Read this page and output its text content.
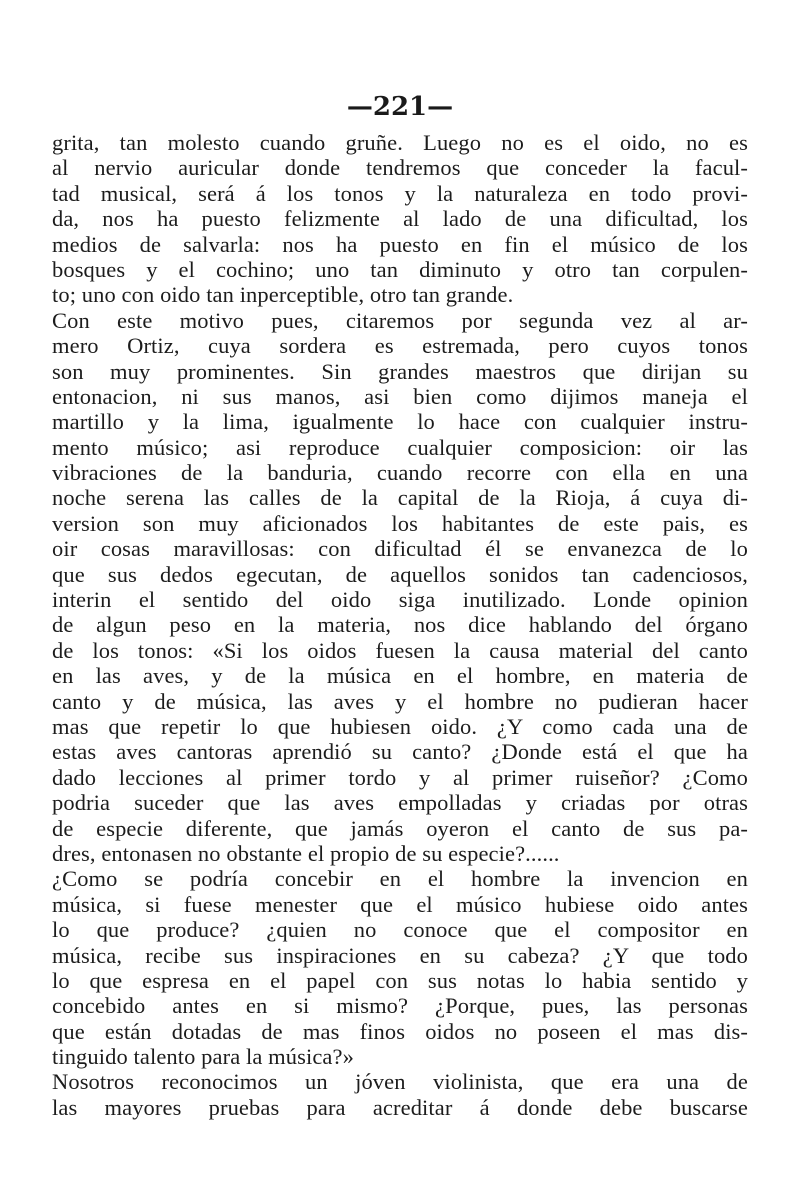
—221—
grita, tan molesto cuando gruñe. Luego no es el oido, no es
al nervio auricular donde tendremos que conceder la facul-
tad musical, será á los tonos y la naturaleza en todo provi-
da, nos ha puesto felizmente al lado de una dificultad, los
medios de salvarla: nos ha puesto en fin el músico de los
bosques y el cochino; uno tan diminuto y otro tan corpulen-
to; uno con oido tan inperceptible, otro tan grande.
Con este motivo pues, citaremos por segunda vez al ar-
mero Ortiz, cuya sordera es estremada, pero cuyos tonos
son muy prominentes. Sin grandes maestros que dirijan su
entonacion, ni sus manos, asi bien como dijimos maneja el
martillo y la lima, igualmente lo hace con cualquier instru-
mento músico; asi reproduce cualquier composicion: oir las
vibraciones de la banduria, cuando recorre con ella en una
noche serena las calles de la capital de la Rioja, á cuya di-
version son muy aficionados los habitantes de este pais, es
oir cosas maravillosas: con dificultad él se envanezca de lo
que sus dedos egecutan, de aquellos sonidos tan cadenciosos,
interin el sentido del oido siga inutilizado. Londe opinion
de algun peso en la materia, nos dice hablando del órgano
de los tonos: «Si los oidos fuesen la causa material del canto
en las aves, y de la música en el hombre, en materia de
canto y de música, las aves y el hombre no pudieran hacer
mas que repetir lo que hubiesen oido. ¿Y como cada una de
estas aves cantoras aprendió su canto? ¿Donde está el que ha
dado lecciones al primer tordo y al primer ruiseñor? ¿Como
podria suceder que las aves empolladas y criadas por otras
de especie diferente, que jamás oyeron el canto de sus pa-
dres, entonasen no obstante el propio de su especie?......
¿Como se podría concebir en el hombre la invencion en
música, si fuese menester que el músico hubiese oido antes
lo que produce? ¿quien no conoce que el compositor en
música, recibe sus inspiraciones en su cabeza? ¿Y que todo
lo que espresa en el papel con sus notas lo habia sentido y
concebido antes en si mismo? ¿Porque, pues, las personas
que están dotadas de mas finos oidos no poseen el mas dis-
tinguido talento para la música?»
Nosotros reconocimos un jóven violinista, que era una de
las mayores pruebas para acreditar á donde debe buscarse
